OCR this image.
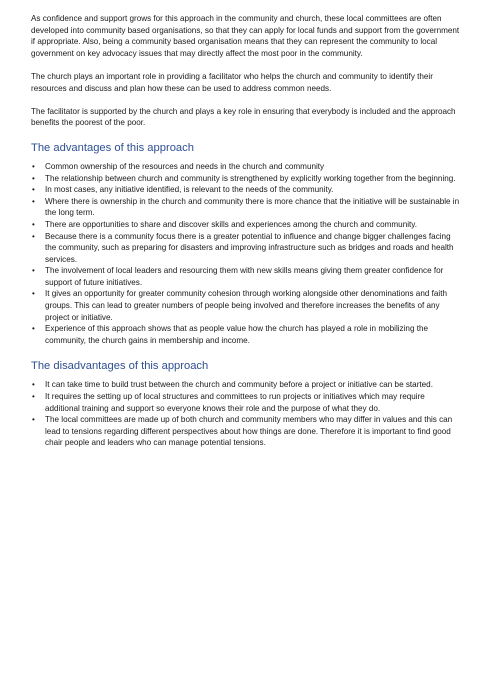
As confidence and support grows for this approach in the community and church, these local committees are often developed into community based organisations, so that they can apply for local funds and support from the government if appropriate. Also, being a community based organisation means that they can represent the community to local government on key advocacy issues that may directly affect the most poor in the community.

The church plays an important role in providing a facilitator who helps the church and community to identify their resources and discuss and plan how these can be used to address common needs.

The facilitator is supported by the church and plays a key role in ensuring that everybody is included and the approach benefits the poorest of the poor.

The advantages of this approach
• Common ownership of the resources and needs in the church and community
• The relationship between church and community is strengthened by explicitly working together from the beginning.
• In most cases, any initiative identified, is relevant to the needs of the community.
• Where there is ownership in the church and community there is more chance that the initiative will be sustainable in the long term.
• There are opportunities to share and discover skills and experiences among the church and community.
• Because there is a community focus there is a greater potential to influence and change bigger challenges facing the community, such as preparing for disasters and improving infrastructure such as bridges and roads and health services.
• The involvement of local leaders and resourcing them with new skills means giving them greater confidence for support of future initiatives.
• It gives an opportunity for greater community cohesion through working alongside other denominations and faith groups. This can lead to greater numbers of people being involved and therefore increases the benefits of any project or initiative.
• Experience of this approach shows that as people value how the church has played a role in mobilizing the community, the church gains in membership and income.
The disadvantages of this approach
• It can take time to build trust between the church and community before a project or initiative can be started.
• It requires the setting up of local structures and committees to run projects or initiatives which may require additional training and support so everyone knows their role and the purpose of what they do.
• The local committees are made up of both church and community members who may differ in values and this can lead to tensions regarding different perspectives about how things are done. Therefore it is important to find good chair people and leaders who can manage potential tensions.
